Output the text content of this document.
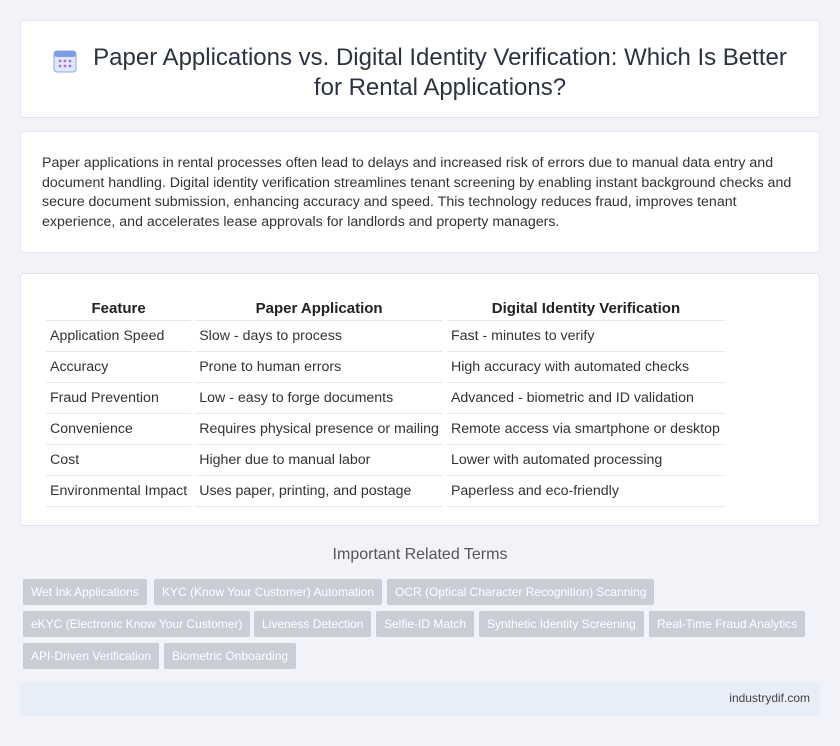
Paper Applications vs. Digital Identity Verification: Which Is Better for Rental Applications?

Paper applications in rental processes often lead to delays and increased risk of errors due to manual data entry and document handling. Digital identity verification streamlines tenant screening by enabling instant background checks and secure document submission, enhancing accuracy and speed. This technology reduces fraud, improves tenant experience, and accelerates lease approvals for landlords and property managers.

Feature	Paper Application	Digital Identity Verification
Application Speed	Slow - days to process	Fast - minutes to verify
Accuracy	Prone to human errors	High accuracy with automated checks
Fraud Prevention	Low - easy to forge documents	Advanced - biometric and ID validation
Convenience	Requires physical presence or mailing	Remote access via smartphone or desktop
Cost	Higher due to manual labor	Lower with automated processing
Environmental Impact	Uses paper, printing, and postage	Paperless and eco-friendly
Important Related Terms
Wet Ink Applications	KYC (Know Your Customer) Automation	OCR (Optical Character Recognition) Scanning
eKYC (Electronic Know Your Customer)	Liveness Detection	Selfie-ID Match	Synthetic Identity Screening	Real-Time Fraud Analytics
API-Driven Verification	Biometric Onboarding
industrydif.com
